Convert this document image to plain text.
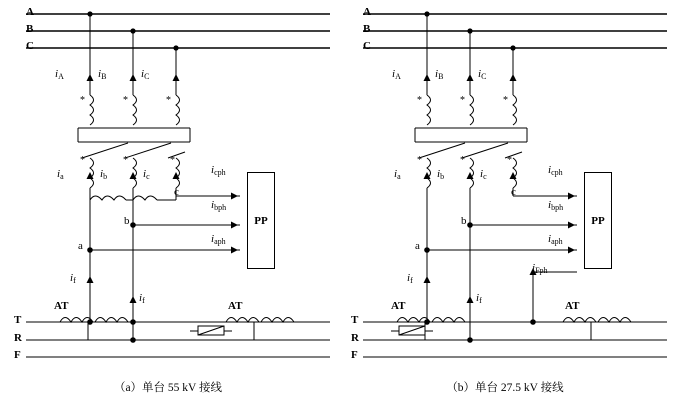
*	*	*
*	*	*
A
B
C
$i_A$	$i_B$	$i_C$
$i_a$	$i_b$	$i_c$
a
b
c
$i_{cph}$
$i_{bph}$
$i_{aph}$
$i_f$
$i_f$
PP
AT	AT
T
R
F
（a）单台 55 kV 接线
*	*	*
*	*	*
A
B
C
$i_A$	$i_B$	$i_C$
$i_a$	$i_b$	$i_c$
a
b
c
$i_{cph}$
$i_{bph}$
$i_{aph}$
$i_{Fph}$
$i_f$
$i_f$
PP
AT	AT
T
R
F
（b）单台 27.5 kV 接线
